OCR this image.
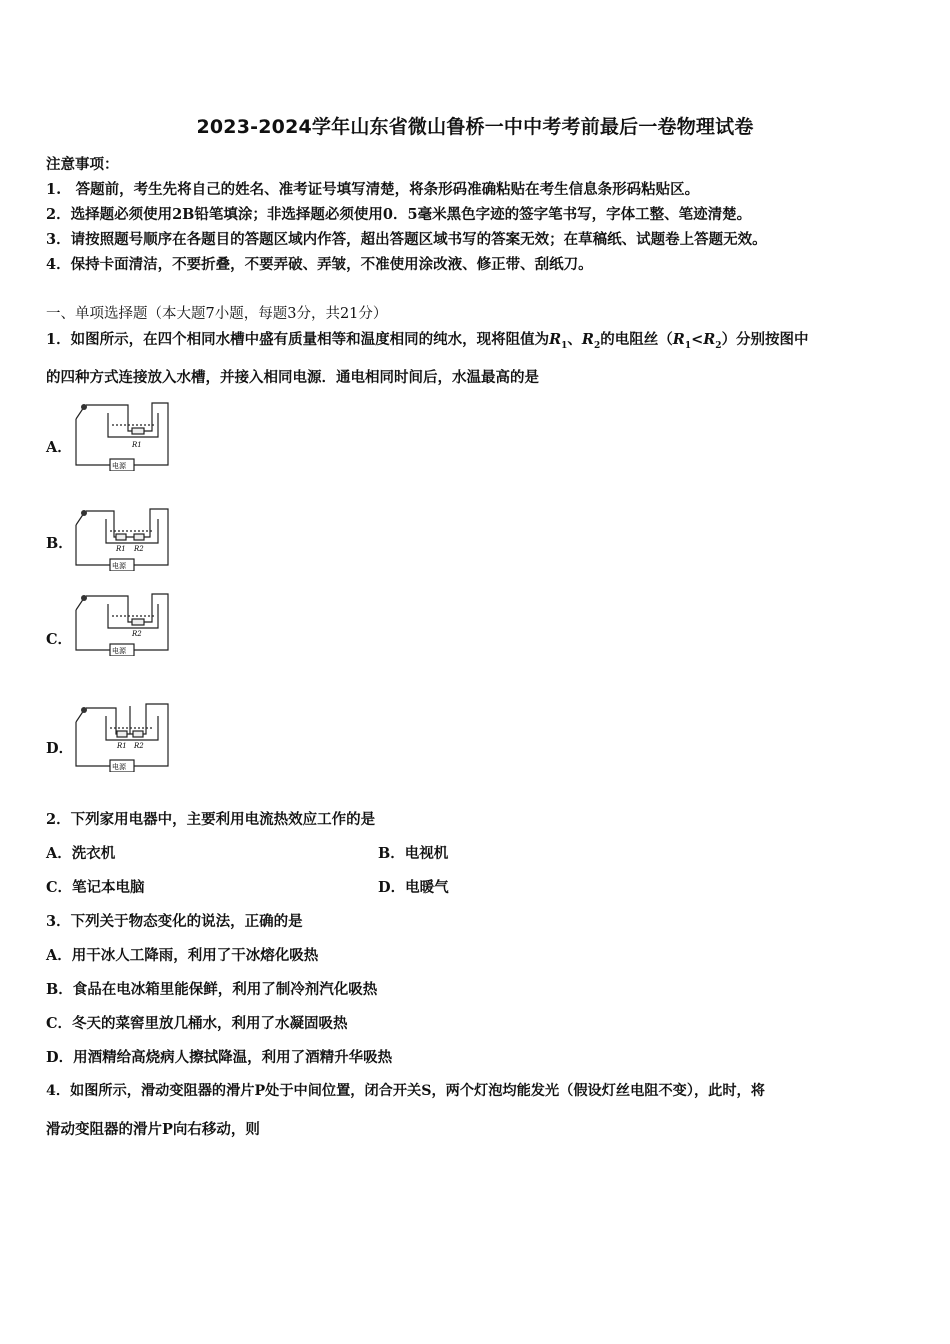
2023-2024学年山东省微山鲁桥一中中考考前最后一卷物理试卷
注意事项：
1.　答题前，考生先将自己的姓名、准考证号填写清楚，将条形码准确粘贴在考生信息条形码粘贴区。
2．选择题必须使用2B铅笔填涂；非选择题必须使用0．5毫米黑色字迹的签字笔书写，字体工整、笔迹清楚。
3．请按照题号顺序在各题目的答题区域内作答，超出答题区域书写的答案无效；在草稿纸、试题卷上答题无效。
4．保持卡面清洁，不要折叠，不要弄破、弄皱，不准使用涂改液、修正带、刮纸刀。
一、单项选择题（本大题7小题，每题3分，共21分）
1．如图所示，在四个相同水槽中盛有质量相等和温度相同的纯水，现将阻值为$R_1$、$R_2$的电阻丝$(R_1<R_2)$分别按图中
的四种方式连接放入水槽，并接入相同电源．通电相同时间后，水温最高的是
A．	R1
电源
B．	R1 R2
电源
C．	R2
电源
D．	R1 R2
电源
2．下列家用电器中，主要利用电流热效应工作的是
A．洗衣机	B．电视机
C．笔记本电脑	D．电暖气
3．下列关于物态变化的说法，正确的是
A．用干冰人工降雨，利用了干冰熔化吸热
B．食品在电冰箱里能保鲜，利用了制冷剂汽化吸热
C．冬天的菜窖里放几桶水，利用了水凝固吸热
D．用酒精给高烧病人擦拭降温，利用了酒精升华吸热
4．如图所示，滑动变阻器的滑片P处于中间位置，闭合开关S，两个灯泡均能发光（假设灯丝电阻不变），此时，将
滑动变阻器的滑片P向右移动，则
